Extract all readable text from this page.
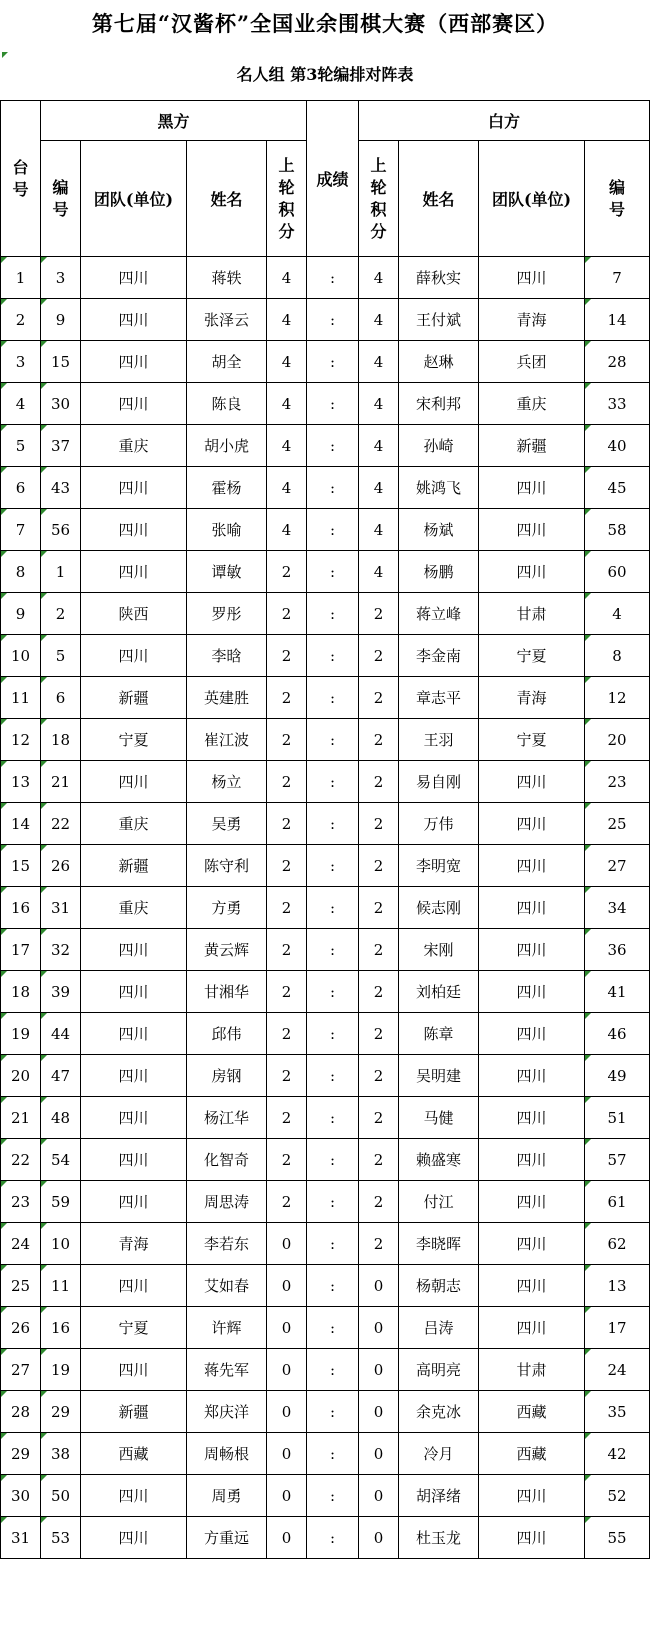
第七届“汉酱杯”全国业余围棋大赛（西部赛区）
名人组 第3轮编排对阵表
台号	黑方				成绩	白方			
	编号	团队(单位)	姓名	上轮积分		上轮积分	姓名	团队(单位)	编号

1	3	四川	蒋轶	4	:	4	薛秋实	四川	7

2	9	四川	张泽云	4	:	4	王付斌	青海	14

3	15	四川	胡全	4	:	4	赵琳	兵团	28

4	30	四川	陈良	4	:	4	宋利邦	重庆	33

5	37	重庆	胡小虎	4	:	4	孙崎	新疆	40

6	43	四川	霍杨	4	:	4	姚鸿飞	四川	45

7	56	四川	张喻	4	:	4	杨斌	四川	58

8	1	四川	谭敏	2	:	4	杨鹏	四川	60

9	2	陕西	罗彤	2	:	2	蒋立峰	甘肃	4

10	5	四川	李晗	2	:	2	李金南	宁夏	8

11	6	新疆	英建胜	2	:	2	章志平	青海	12

12	18	宁夏	崔江波	2	:	2	王羽	宁夏	20

13	21	四川	杨立	2	:	2	易自刚	四川	23

14	22	重庆	吴勇	2	:	2	万伟	四川	25

15	26	新疆	陈守利	2	:	2	李明宽	四川	27

16	31	重庆	方勇	2	:	2	候志刚	四川	34

17	32	四川	黄云辉	2	:	2	宋刚	四川	36

18	39	四川	甘湘华	2	:	2	刘柏廷	四川	41

19	44	四川	邱伟	2	:	2	陈章	四川	46

20	47	四川	房钢	2	:	2	吴明建	四川	49

21	48	四川	杨江华	2	:	2	马健	四川	51

22	54	四川	化智奇	2	:	2	赖盛寒	四川	57

23	59	四川	周思涛	2	:	2	付江	四川	61

24	10	青海	李若东	0	:	2	李晓晖	四川	62

25	11	四川	艾如春	0	:	0	杨朝志	四川	13

26	16	宁夏	许辉	0	:	0	吕涛	四川	17

27	19	四川	蒋先军	0	:	0	高明亮	甘肃	24

28	29	新疆	郑庆洋	0	:	0	余克冰	西藏	35

29	38	西藏	周畅根	0	:	0	冷月	西藏	42

30	50	四川	周勇	0	:	0	胡泽绪	四川	52

31	53	四川	方重远	0	:	0	杜玉龙	四川	55
